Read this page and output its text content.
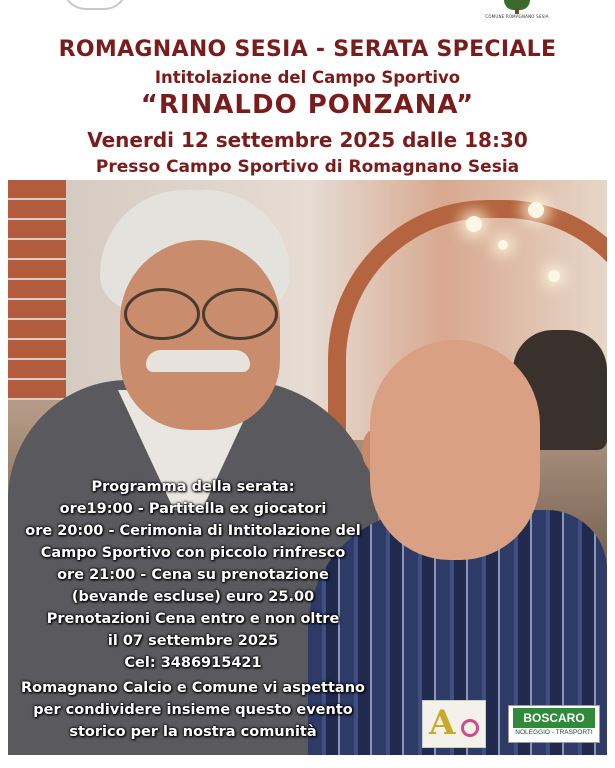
COMUNE ROMAGNANO SESIA
ROMAGNANO SESIA - SERATA SPECIALE
Intitolazione del Campo Sportivo
“RINALDO PONZANA”
Venerdi 12 settembre 2025 dalle 18:30
Presso Campo Sportivo di Romagnano Sesia
Programma della serata:
ore19:00 - Partitella ex giocatori
ore 20:00 - Cerimonia di Intitolazione del
Campo Sportivo con piccolo rinfresco
ore 21:00 - Cena su prenotazione
(bevande escluse) euro 25.00
Prenotazioni Cena entro e non oltre
il 07 settembre 2025
Cel: 3486915421
Romagnano Calcio e Comune vi aspettano
per condividere insieme questo evento
storico per la nostra comunità	A	BOSCARO
NOLEGGIO - TRASPORTI
